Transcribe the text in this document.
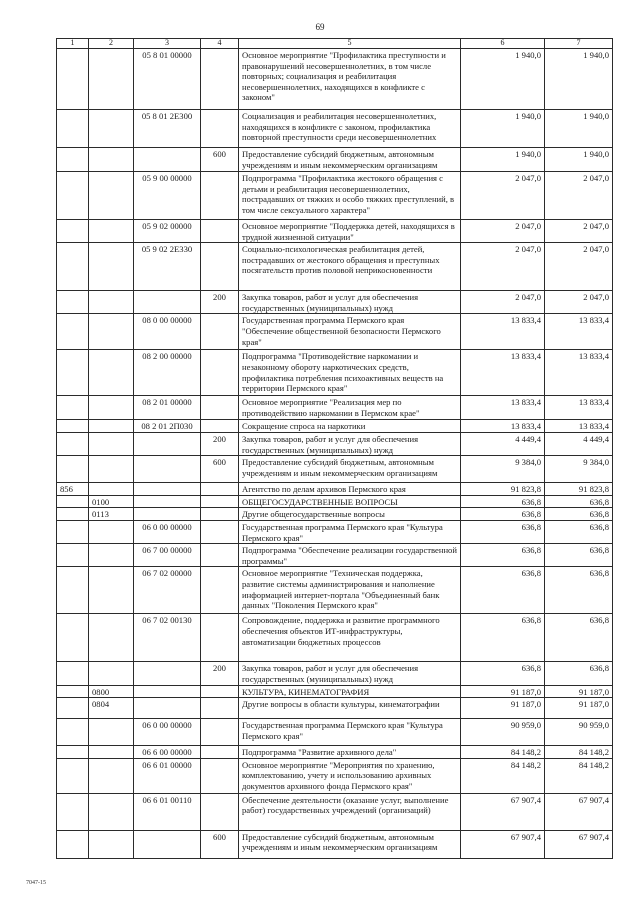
69
1	2	3	4	5	6	7
		05 8 01 00000		Основное мероприятие "Профилактика преступности и правонарушений несовершеннолетних, в том числе повторных; социализация и реабилитация несовершеннолетних, находящихся в конфликте с законом"	1 940,0	1 940,0
		05 8 01 2Е300		Социализация и реабилитация несовершеннолетних, находящихся в конфликте с законом, профилактика повторной преступности среди несовершеннолетних	1 940,0	1 940,0
			600	Предоставление субсидий бюджетным, автономным учреждениям и иным некоммерческим организациям	1 940,0	1 940,0
		05 9 00 00000		Подпрограмма "Профилактика жестокого обращения с детьми и реабилитация несовершеннолетних, пострадавших от тяжких и особо тяжких преступлений, в том числе сексуального характера"	2 047,0	2 047,0
		05 9 02 00000		Основное мероприятие "Поддержка детей, находящихся в трудной жизненной ситуации"	2 047,0	2 047,0
		05 9 02 2Е330		Социально-психологическая реабилитация детей, пострадавших от жестокого обращения и преступных посягательств против половой неприкосновенности	2 047,0	2 047,0
			200	Закупка товаров, работ и услуг для обеспечения государственных (муниципальных) нужд	2 047,0	2 047,0
		08 0 00 00000		Государственная программа Пермского края "Обеспечение общественной безопасности Пермского края"	13 833,4	13 833,4
		08 2 00 00000		Подпрограмма "Противодействие наркомании и незаконному обороту наркотических средств, профилактика потребления психоактивных веществ на территории Пермского края"	13 833,4	13 833,4
		08 2 01 00000		Основное мероприятие "Реализация мер по противодействию наркомании в Пермском крае"	13 833,4	13 833,4
		08 2 01 2П030		Сокращение спроса на наркотики	13 833,4	13 833,4
			200	Закупка товаров, работ и услуг для обеспечения государственных (муниципальных) нужд	4 449,4	4 449,4
			600	Предоставление субсидий бюджетным, автономным учреждениям и иным некоммерческим организациям	9 384,0	9 384,0
856				Агентство по делам архивов Пермского края	91 823,8	91 823,8
	0100			ОБЩЕГОСУДАРСТВЕННЫЕ ВОПРОСЫ	636,8	636,8
	0113			Другие общегосударственные вопросы	636,8	636,8
		06 0 00 00000		Государственная программа Пермского края "Культура Пермского края"	636,8	636,8
		06 7 00 00000		Подпрограмма "Обеспечение реализации государственной программы"	636,8	636,8
		06 7 02 00000		Основное мероприятие "Техническая поддержка, развитие системы администрирования и наполнение информацией интернет-портала "Объединенный банк данных "Поколения Пермского края"	636,8	636,8
		06 7 02 00130		Сопровождение, поддержка и развитие программного обеспечения объектов ИТ-инфраструктуры, автоматизации бюджетных процессов	636,8	636,8
			200	Закупка товаров, работ и услуг для обеспечения государственных (муниципальных) нужд	636,8	636,8
	0800			КУЛЬТУРА, КИНЕМАТОГРАФИЯ	91 187,0	91 187,0
	0804			Другие вопросы в области культуры, кинематографии	91 187,0	91 187,0
		06 0 00 00000		Государственная программа Пермского края "Культура Пермского края"	90 959,0	90 959,0
		06 6 00 00000		Подпрограмма "Развитие архивного дела"	84 148,2	84 148,2
		06 6 01 00000		Основное мероприятие "Мероприятия по хранению, комплектованию, учету и использованию архивных документов архивного фонда Пермского края"	84 148,2	84 148,2
		06 6 01 00110		Обеспечение деятельности (оказание услуг, выполнение работ) государственных учреждений (организаций)	67 907,4	67 907,4
			600	Предоставление субсидий бюджетным, автономным учреждениям и иным некоммерческим организациям	67 907,4	67 907,4
7047-15
